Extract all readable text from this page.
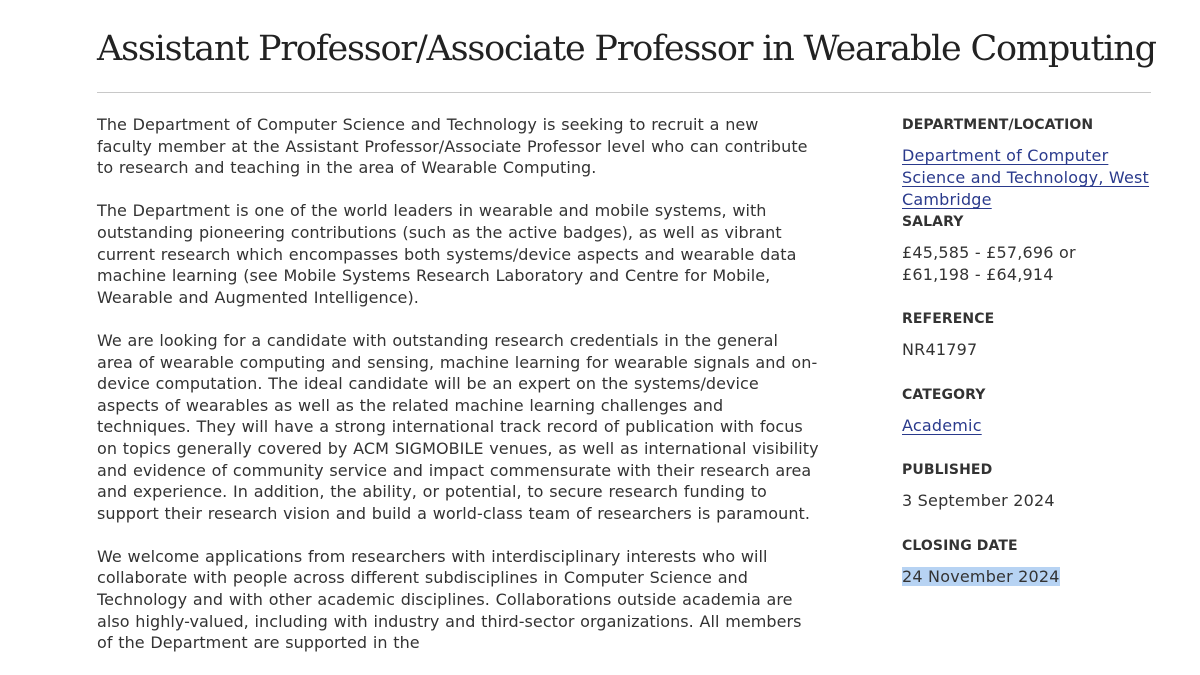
Assistant Professor/Associate Professor in Wearable Computing

The Department of Computer Science and Technology is seeking to recruit a new faculty member at the Assistant Professor/Associate Professor level who can contribute to research and teaching in the area of Wearable Computing.

The Department is one of the world leaders in wearable and mobile systems, with outstanding pioneering contributions (such as the active badges), as well as vibrant current research which encompasses both systems/device aspects and wearable data machine learning (see Mobile Systems Research Laboratory and Centre for Mobile, Wearable and Augmented Intelligence).

We are looking for a candidate with outstanding research credentials in the general area of wearable computing and sensing, machine learning for wearable signals and on-device computation. The ideal candidate will be an expert on the systems/device aspects of wearables as well as the related machine learning challenges and techniques. They will have a strong international track record of publication with focus on topics generally covered by ACM SIGMOBILE venues, as well as international visibility and evidence of community service and impact commensurate with their research area and experience. In addition, the ability, or potential, to secure research funding to support their research vision and build a world-class team of researchers is paramount.

We welcome applications from researchers with interdisciplinary interests who will collaborate with people across different subdisciplines in Computer Science and Technology and with other academic disciplines. Collaborations outside academia are also highly-valued, including with industry and third-sector organizations. All members of the Department are supported in the

DEPARTMENT/LOCATION
Department of Computer Science and Technology, West Cambridge
SALARY
£45,585 - £57,696 or
£61,198 - £64,914
REFERENCE
NR41797
CATEGORY
Academic
PUBLISHED
3 September 2024
CLOSING DATE
24 November 2024
